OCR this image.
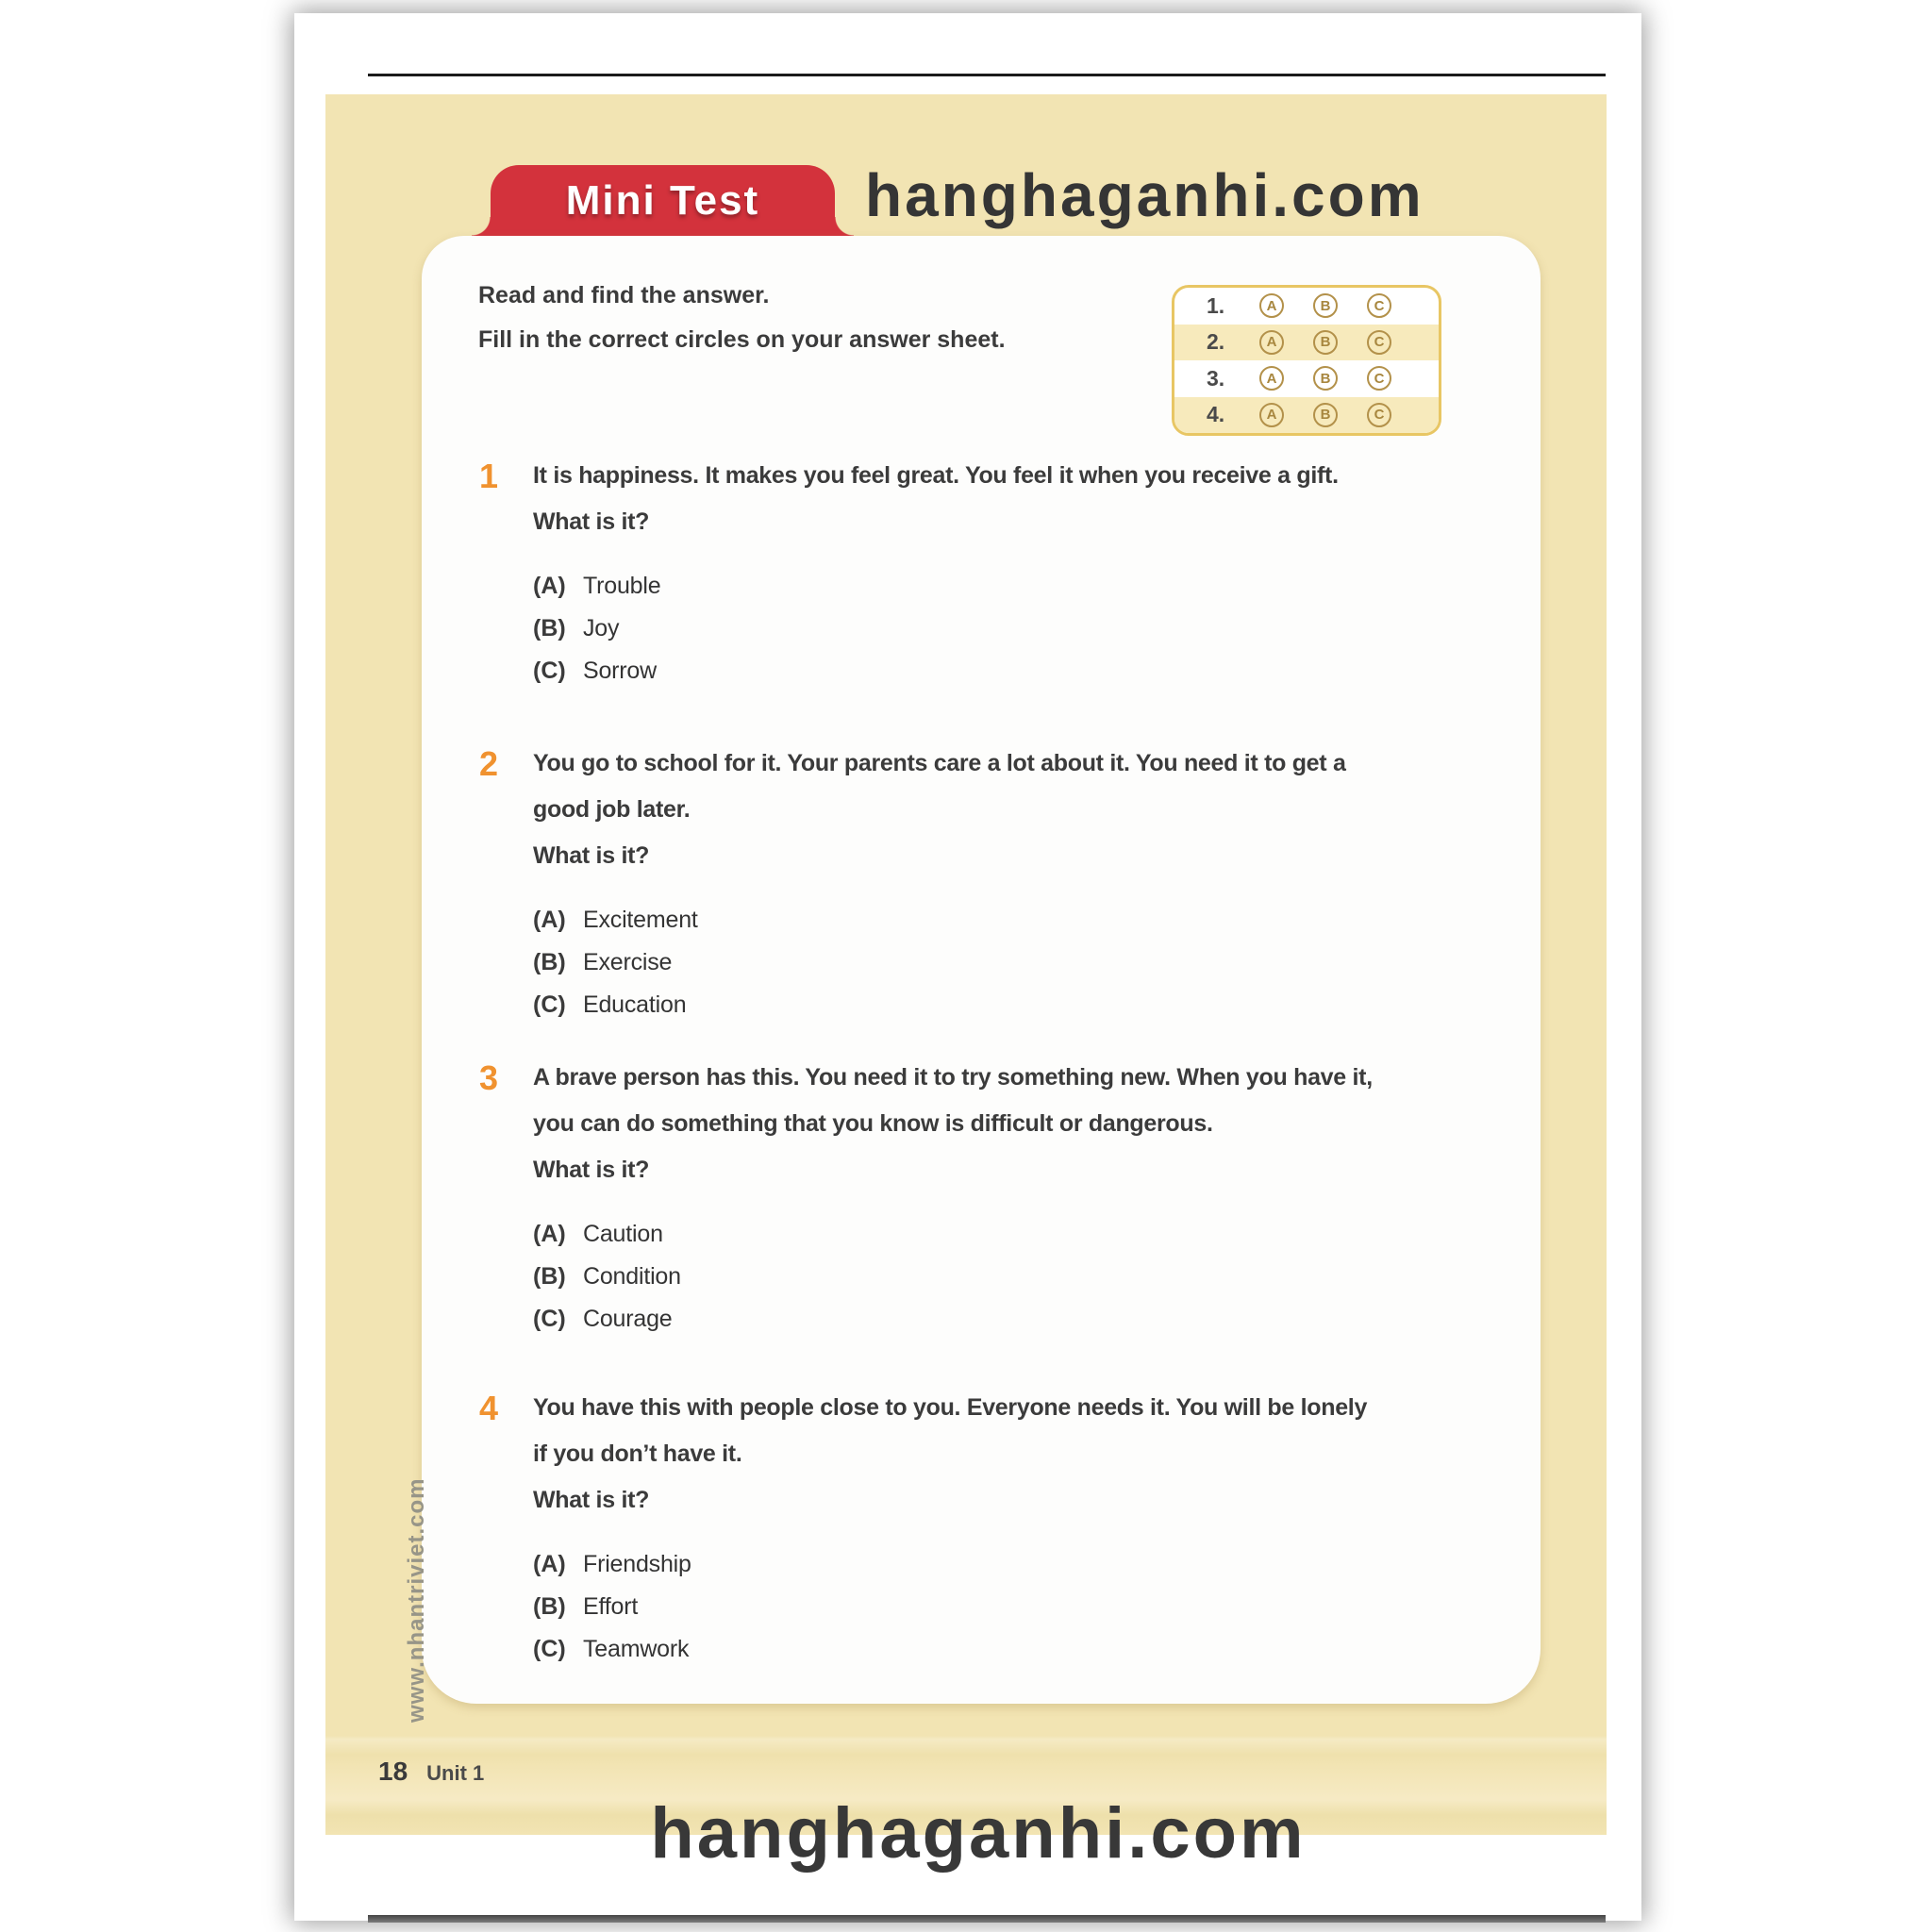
Mini Test hanghaganhi.com
Read and find the answer.
Fill in the correct circles on your answer sheet.
1.	A	B	C
2.	A	B	C
3.	A	B	C
4.	A	B	C
1	It is happiness. It makes you feel great. You feel it when you receive a gift.
What is it?
(A) Trouble
(B) Joy
(C) Sorrow
2	You go to school for it. Your parents care a lot about it. You need it to get a
good job later.
What is it?
(A) Excitement
(B) Exercise
(C) Education
3	A brave person has this. You need it to try something new. When you have it,
you can do something that you know is difficult or dangerous.
What is it?
(A) Caution
(B) Condition
(C) Courage
4	You have this with people close to you. Everyone needs it. You will be lonely
if you don’t have it.
What is it?
(A) Friendship
(B) Effort
(C) Teamwork
www.nhantriviet.com
18 Unit 1
hanghaganhi.com
